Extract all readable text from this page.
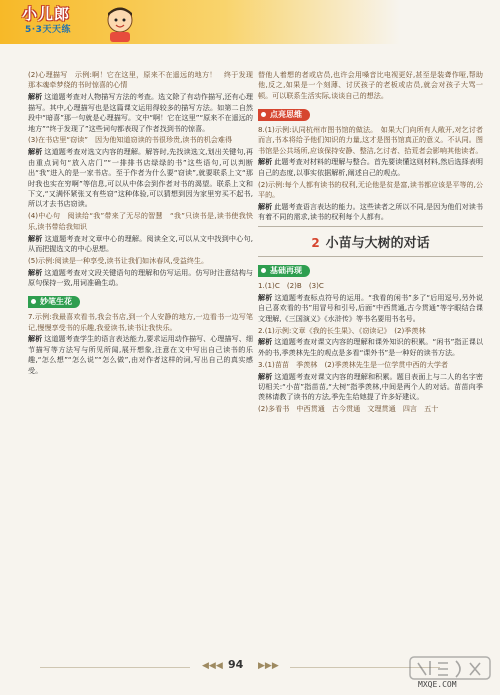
小儿郎
5·3天天练

(2)心理描写　示例:啊！它在这里，原来不在遥远的地方！　终于发现那本魂牵梦绕的书时惊喜的心情

解析 这道题考查对人物描写方法的考查。选文除了有动作描写,还有心理描写。其中,心理描写也是这篇课文运用得较多的描写方法。如第二自然段中“暗喜”那一句就是心理描写。文中“啊！它在这里”“原来不在遥远的地方”“终于发现了”这些词句都表现了作者找到书的惊喜。

(3)在书店里“窃读”　因为他知道窃读的书很珍贵,读书的机会难得

解析 这道题考查对选文内容的理解。解答时,先找读选文,划出关键句,再由重点词句“放入店门”“一排排书店绿绿的书”这些语句,可以判断出“我”进入的是一家书店。至于作者为什么要“窃读”,就要联系上文“那时我也实在穷啊”等信息,可以从中体会到作者对书的渴望。联系上文和下文,“又满怀紧张又有些窃”这种体验,可以猜想到因为家里穷买不起书,所以才去书店窃读。

(4)中心句　阅读给“我”带来了无尽的智慧　“我”只读书是,读书使我快乐,读书带给我知识

解析 这道题考查对文章中心的理解。阅读全文,可以从文中找到中心句,从而把握选文的中心思想。

(5)示例:阅读是一种享受,读书让我们如沐春风,受益终生。

解析 这道题考查对文段关键语句的理解和仿写运用。仿写时注意结构与原句保持一致,用词准确生动。

妙笔生花

7.示例:我最喜欢看书,我会书店,到一个人安静的地方,一边看书一边写笔记,慢慢享受书的乐趣,我爱读书,读书让我快乐。

解析 这道题考查学生的语言表达能力,要求运用动作描写、心理描写、细节描写等方法写与所见所闻,展开想象,注意在文中写出自己读书的乐趣,“怎么想”“怎么说”“怎么做”,由对作者这样的词,写出自己的真实感受。

替他人着想的者或店员,也许会用嗓音比电视更好,甚至是装聋作哑,帮助他,反之,如果是一个刻薄、讨厌孩子的老板或店员,就会对孩子大骂一顿。可以联系生活实际,谈谈自己的想法。

点亮思维

8.(1)示例:认同杭州市图书馆的做法。　如果大门向所有人敞开,对乞讨者而言,书本将给予他们知识的力量,这才是图书馆真正的意义。不认同。图书馆是公共场所,应该保持安静、整洁,乞讨者、拾荒者会影响其他读者。

解析 此题考查对材料的理解与整合。首先要读懂这则材料,然后选择表明自己的态度,以事实依据解析,阐述自己的观点。

(2)示例:每个人都有读书的权利,无论他是贫是富,读书都应该是平等的,公平的。

解析 此题考查语言表达的能力。这些读者之所以不同,是因为他们对读书有着不同的需求,读书的权利每个人都有。

2 小苗与大树的对话
基础再现

1.(1)C　(2)B　(3)C

解析 这道题考查标点符号的运用。“我看的闲书”多了“后用逗号,另外说自己喜欢看的书”用冒号和引号,后面“中西贯通,古今贯通”等字眼结合课文理解,《三国演义》《水浒传》等书名要用书名号。

2.(1)示例:文章《我的长生果》、《窃读记》　(2)季羡林

解析 这道题考查对课文内容的理解和课外知识的积累。“闲书”指正课以外的书,季羡林先生的观点是多看“课外书”是一种好的读书方法。

3.(1)苗苗　季羡林　(2)季羡林先生是一位学贯中西的大学者

解析 这道题考查对课文内容的理解和积累。题目表面上与二人的名字密切相关:“小苗”指苗苗,“大树”指季羡林,中间是两个人的对话。苗苗向季羡林请教了读书的方法,季先生给她提了许多好建议。

(2)多看书　中西贯通　古今贯通　文理贯通　四言　五十

◀◀◀ 94 ▶▶▶
MXQE.COM
